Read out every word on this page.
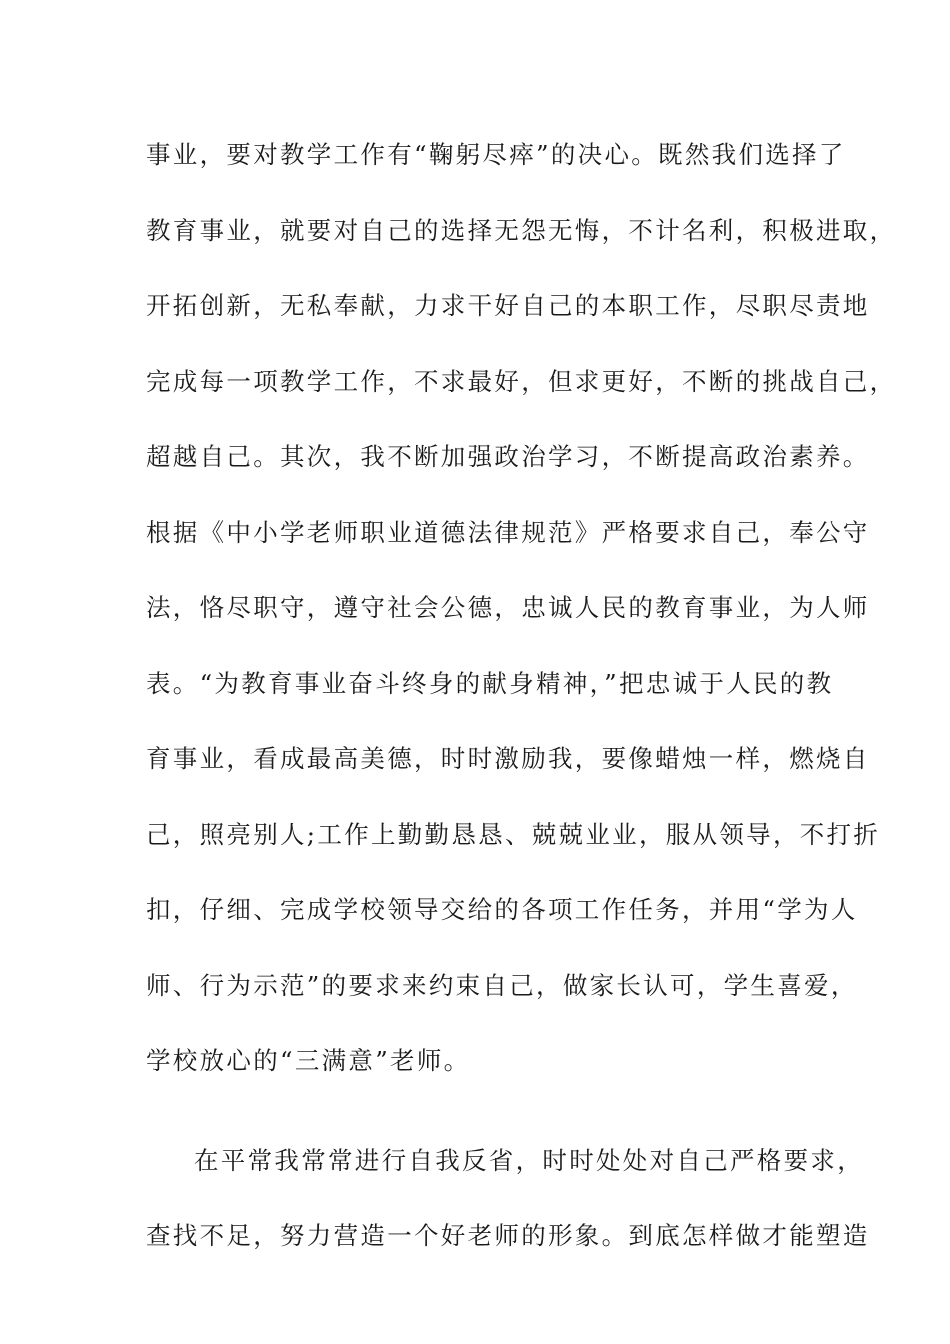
事业，要对教学工作有“鞠躬尽瘁”的决心。既然我们选择了
教育事业，就要对自己的选择无怨无悔，不计名利，积极进取，
开拓创新，无私奉献，力求干好自己的本职工作，尽职尽责地
完成每一项教学工作，不求最好，但求更好，不断的挑战自己，
超越自己。其次，我不断加强政治学习，不断提高政治素养。
根据《中小学老师职业道德法律规范》严格要求自己，奉公守
法，恪尽职守，遵守社会公德，忠诚人民的教育事业，为人师
表。“为教育事业奋斗终身的献身精神，”把忠诚于人民的教
育事业，看成最高美德，时时激励我，要像蜡烛一样，燃烧自
己，照亮别人;工作上勤勤恳恳、兢兢业业，服从领导，不打折
扣，仔细、完成学校领导交给的各项工作任务，并用“学为人
师、行为示范”的要求来约束自己，做家长认可，学生喜爱，
学校放心的“三满意”老师。
在平常我常常进行自我反省，时时处处对自己严格要求，
查找不足，努力营造一个好老师的形象。到底怎样做才能塑造
